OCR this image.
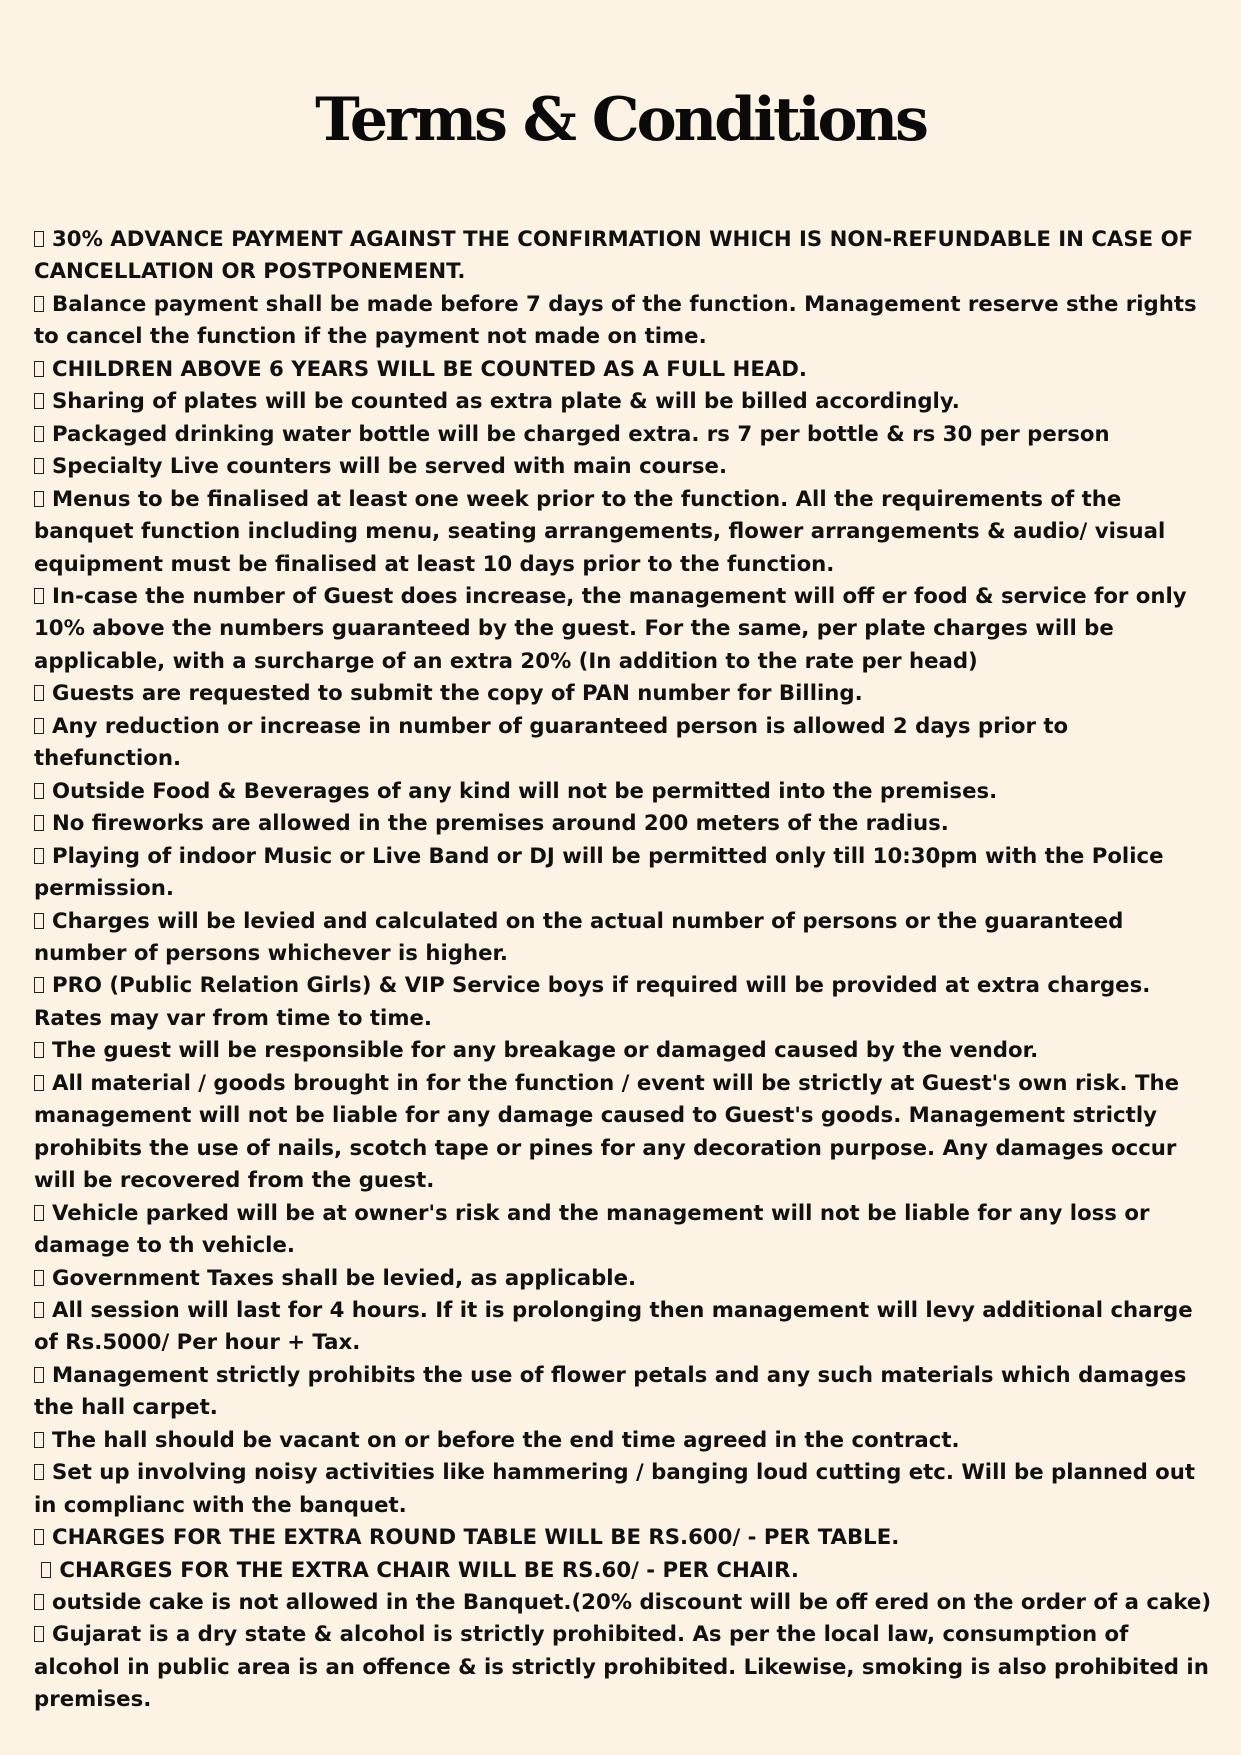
Terms & Conditions
30% ADVANCE PAYMENT AGAINST THE CONFIRMATION WHICH IS NON-REFUNDABLE IN CASE OF CANCELLATION OR POSTPONEMENT.
Balance payment shall be made before 7 days of the function. Management reserve sthe rights to cancel the function if the payment not made on time.
CHILDREN ABOVE 6 YEARS WILL BE COUNTED AS A FULL HEAD.
Sharing of plates will be counted as extra plate & will be billed accordingly.
Packaged drinking water bottle will be charged extra. rs 7 per bottle & rs 30 per person
Specialty Live counters will be served with main course.
Menus to be finalised at least one week prior to the function. All the requirements of the banquet function including menu, seating arrangements, flower arrangements & audio/ visual equipment must be finalised at least 10 days prior to the function.
In-case the number of Guest does increase, the management will off er food & service for only 10% above the numbers guaranteed by the guest. For the same, per plate charges will be applicable, with a surcharge of an extra 20% (In addition to the rate per head)
Guests are requested to submit the copy of PAN number for Billing.
Any reduction or increase in number of guaranteed person is allowed 2 days prior to thefunction.
Outside Food & Beverages of any kind will not be permitted into the premises.
No fireworks are allowed in the premises around 200 meters of the radius.
Playing of indoor Music or Live Band or DJ will be permitted only till 10:30pm with the Police permission.
Charges will be levied and calculated on the actual number of persons or the guaranteed number of persons whichever is higher.
PRO (Public Relation Girls) & VIP Service boys if required will be provided at extra charges. Rates may var from time to time.
The guest will be responsible for any breakage or damaged caused by the vendor.
All material / goods brought in for the function / event will be strictly at Guest's own risk. The management will not be liable for any damage caused to Guest's goods. Management strictly prohibits the use of nails, scotch tape or pines for any decoration purpose. Any damages occur will be recovered from the guest.
Vehicle parked will be at owner's risk and the management will not be liable for any loss or damage to th vehicle.
Government Taxes shall be levied, as applicable.
All session will last for 4 hours. If it is prolonging then management will levy additional charge of Rs.5000/ Per hour + Tax.
Management strictly prohibits the use of flower petals and any such materials which damages the hall carpet.
The hall should be vacant on or before the end time agreed in the contract.
Set up involving noisy activities like hammering / banging loud cutting etc. Will be planned out in complianc with the banquet.
CHARGES FOR THE EXTRA ROUND TABLE WILL BE RS.600/ - PER TABLE.
CHARGES FOR THE EXTRA CHAIR WILL BE RS.60/ - PER CHAIR.
outside cake is not allowed in the Banquet.(20% discount will be off ered on the order of a cake)
Gujarat is a dry state & alcohol is strictly prohibited. As per the local law, consumption of alcohol in public area is an offence & is strictly prohibited. Likewise, smoking is also prohibited in premises.
